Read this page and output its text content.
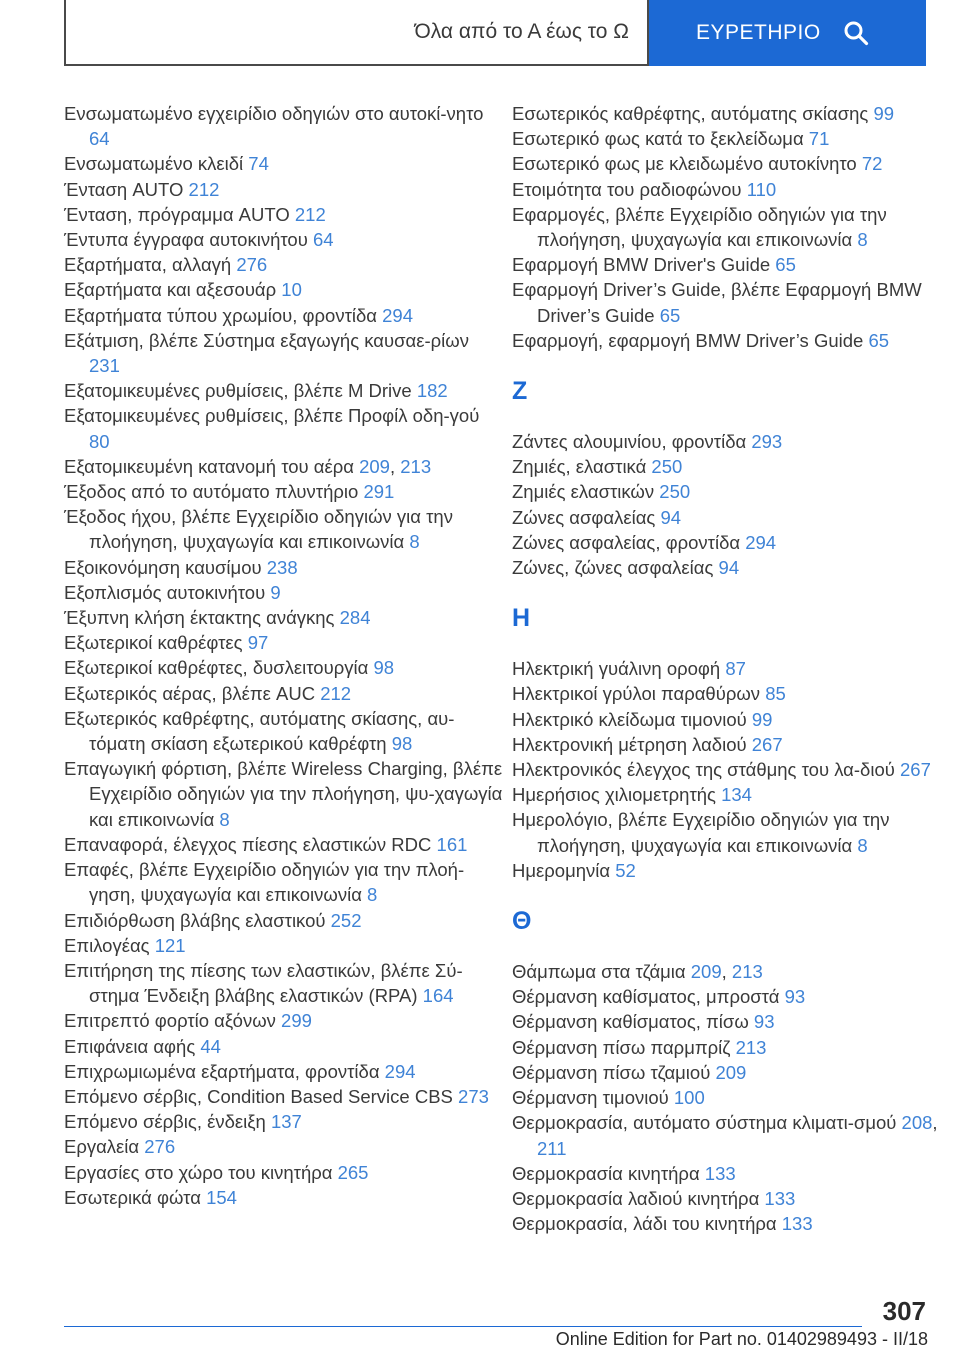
Όλα από το Α έως το Ω	ΕΥΡΕΤΗΡΙΟ
Ενσωματωμένο εγχειρίδιο οδηγιών στο αυτοκί‐νητο 64
Ενσωματωμένο κλειδί 74
Ένταση AUTO 212
Ένταση, πρόγραμμα AUTO 212
Έντυπα έγγραφα αυτοκινήτου 64
Εξαρτήματα, αλλαγή 276
Εξαρτήματα και αξεσουάρ 10
Εξαρτήματα τύπου χρωμίου, φροντίδα 294
Εξάτμιση, βλέπε Σύστημα εξαγωγής καυσαε‐ρίων 231
Εξατομικευμένες ρυθμίσεις, βλέπε M Drive 182
Εξατομικευμένες ρυθμίσεις, βλέπε Προφίλ οδη‐γού 80
Εξατομικευμένη κατανομή του αέρα 209, 213
Έξοδος από το αυτόματο πλυντήριο 291
Έξοδος ήχου, βλέπε Εγχειρίδιο οδηγιών για την πλοήγηση, ψυχαγωγία και επικοινωνία 8
Εξοικονόμηση καυσίμου 238
Εξοπλισμός αυτοκινήτου 9
Έξυπνη κλήση έκτακτης ανάγκης 284
Εξωτερικοί καθρέφτες 97
Εξωτερικοί καθρέφτες, δυσλειτουργία 98
Εξωτερικός αέρας, βλέπε AUC 212
Εξωτερικός καθρέφτης, αυτόματης σκίασης, αυ‐τόματη σκίαση εξωτερικού καθρέφτη 98
Επαγωγική φόρτιση, βλέπε Wireless Charging, βλέπε Εγχειρίδιο οδηγιών για την πλοήγηση, ψυ‐χαγωγία και επικοινωνία 8
Επαναφορά, έλεγχος πίεσης ελαστικών RDC 161
Επαφές, βλέπε Εγχειρίδιο οδηγιών για την πλοή‐γηση, ψυχαγωγία και επικοινωνία 8
Επιδιόρθωση βλάβης ελαστικού 252
Επιλογέας 121
Επιτήρηση της πίεσης των ελαστικών, βλέπε Σύ‐στημα Ένδειξη βλάβης ελαστικών (RPA) 164
Επιτρεπτό φορτίο αξόνων 299
Επιφάνεια αφής 44
Επιχρωμιωμένα εξαρτήματα, φροντίδα 294
Επόμενο σέρβις, Condition Based Service CBS 273
Επόμενο σέρβις, ένδειξη 137
Εργαλεία 276
Εργασίες στο χώρο του κινητήρα 265
Εσωτερικά φώτα 154
Εσωτερικός καθρέφτης, αυτόματης σκίασης 99
Εσωτερικό φως κατά το ξεκλείδωμα 71
Εσωτερικό φως με κλειδωμένο αυτοκίνητο 72
Ετοιμότητα του ραδιοφώνου 110
Εφαρμογές, βλέπε Εγχειρίδιο οδηγιών για την πλοήγηση, ψυχαγωγία και επικοινωνία 8
Εφαρμογή BMW Driver's Guide 65
Εφαρμογή Driver’s Guide, βλέπε Εφαρμογή BMW Driver’s Guide 65
Εφαρμογή, εφαρμογή BMW Driver’s Guide 65
Ζ
Ζάντες αλουμινίου, φροντίδα 293
Ζημιές, ελαστικά 250
Ζημιές ελαστικών 250
Ζώνες ασφαλείας 94
Ζώνες ασφαλείας, φροντίδα 294
Ζώνες, ζώνες ασφαλείας 94
Η
Ηλεκτρική γυάλινη οροφή 87
Ηλεκτρικοί γρύλοι παραθύρων 85
Ηλεκτρικό κλείδωμα τιμονιού 99
Ηλεκτρονική μέτρηση λαδιού 267
Ηλεκτρονικός έλεγχος της στάθμης του λα‐διού 267
Ημερήσιος χιλιομετρητής 134
Ημερολόγιο, βλέπε Εγχειρίδιο οδηγιών για την πλοήγηση, ψυχαγωγία και επικοινωνία 8
Ημερομηνία 52
Θ
Θάμπωμα στα τζάμια 209, 213
Θέρμανση καθίσματος, μπροστά 93
Θέρμανση καθίσματος, πίσω 93
Θέρμανση πίσω παρμπρίζ 213
Θέρμανση πίσω τζαμιού 209
Θέρμανση τιμονιού 100
Θερμοκρασία, αυτόματο σύστημα κλιματι‐σμού 208, 211
Θερμοκρασία κινητήρα 133
Θερμοκρασία λαδιού κινητήρα 133
Θερμοκρασία, λάδι του κινητήρα 133
307
Online Edition for Part no. 01402989493 - II/18
